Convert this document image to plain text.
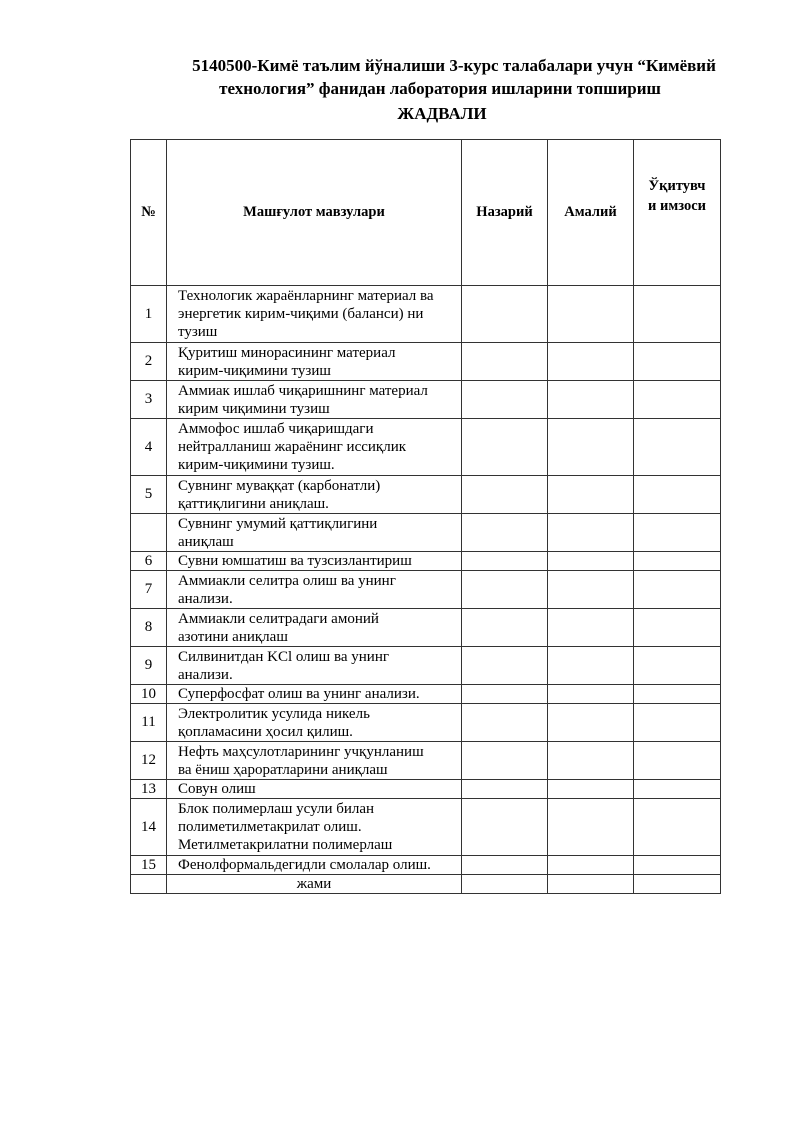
5140500-Кимё таълим йўналиши 3-курс талабалари учун “Кимёвий
технология” фанидан лаборатория ишларини топшириш
ЖАДВАЛИ
№	Машғулот мавзулари	Назарий	Амалий	Ўқитувч
и имзоси
1	Технологик жараёнларнинг материал ва
энергетик кирим-чиқими (баланси) ни
тузиш			
2	Қуритиш минорасининг материал
кирим-чиқимини тузиш			
3	Аммиак ишлаб чиқаришнинг материал
кирим чиқимини тузиш			
4	Аммофос ишлаб чиқаришдаги
нейтралланиш жараёнинг иссиқлик
кирим-чиқимини тузиш.			
5	Сувнинг муваққат (карбонатли)
қаттиқлигини аниқлаш.			
	Сувнинг умумий қаттиқлигини
аниқлаш			
6	Сувни юмшатиш ва тузсизлантириш			
7	Аммиакли селитра олиш ва унинг
анализи.			
8	Аммиакли селитрадаги амоний
азотини аниқлаш			
9	Силвинитдан KCl олиш ва унинг
анализи.			
10	Суперфосфат олиш ва унинг анализи.			
11	Электролитик усулида никель
қопламасини ҳосил қилиш.			
12	Нефть маҳсулотларининг учқунланиш
ва ёниш ҳароратларини аниқлаш			
13	Совун олиш			
14	Блок полимерлаш усули билан
полиметилметакрилат олиш.
Метилметакрилатни полимерлаш			
15	Фенолформальдегидли смолалар олиш.			
	жами			
